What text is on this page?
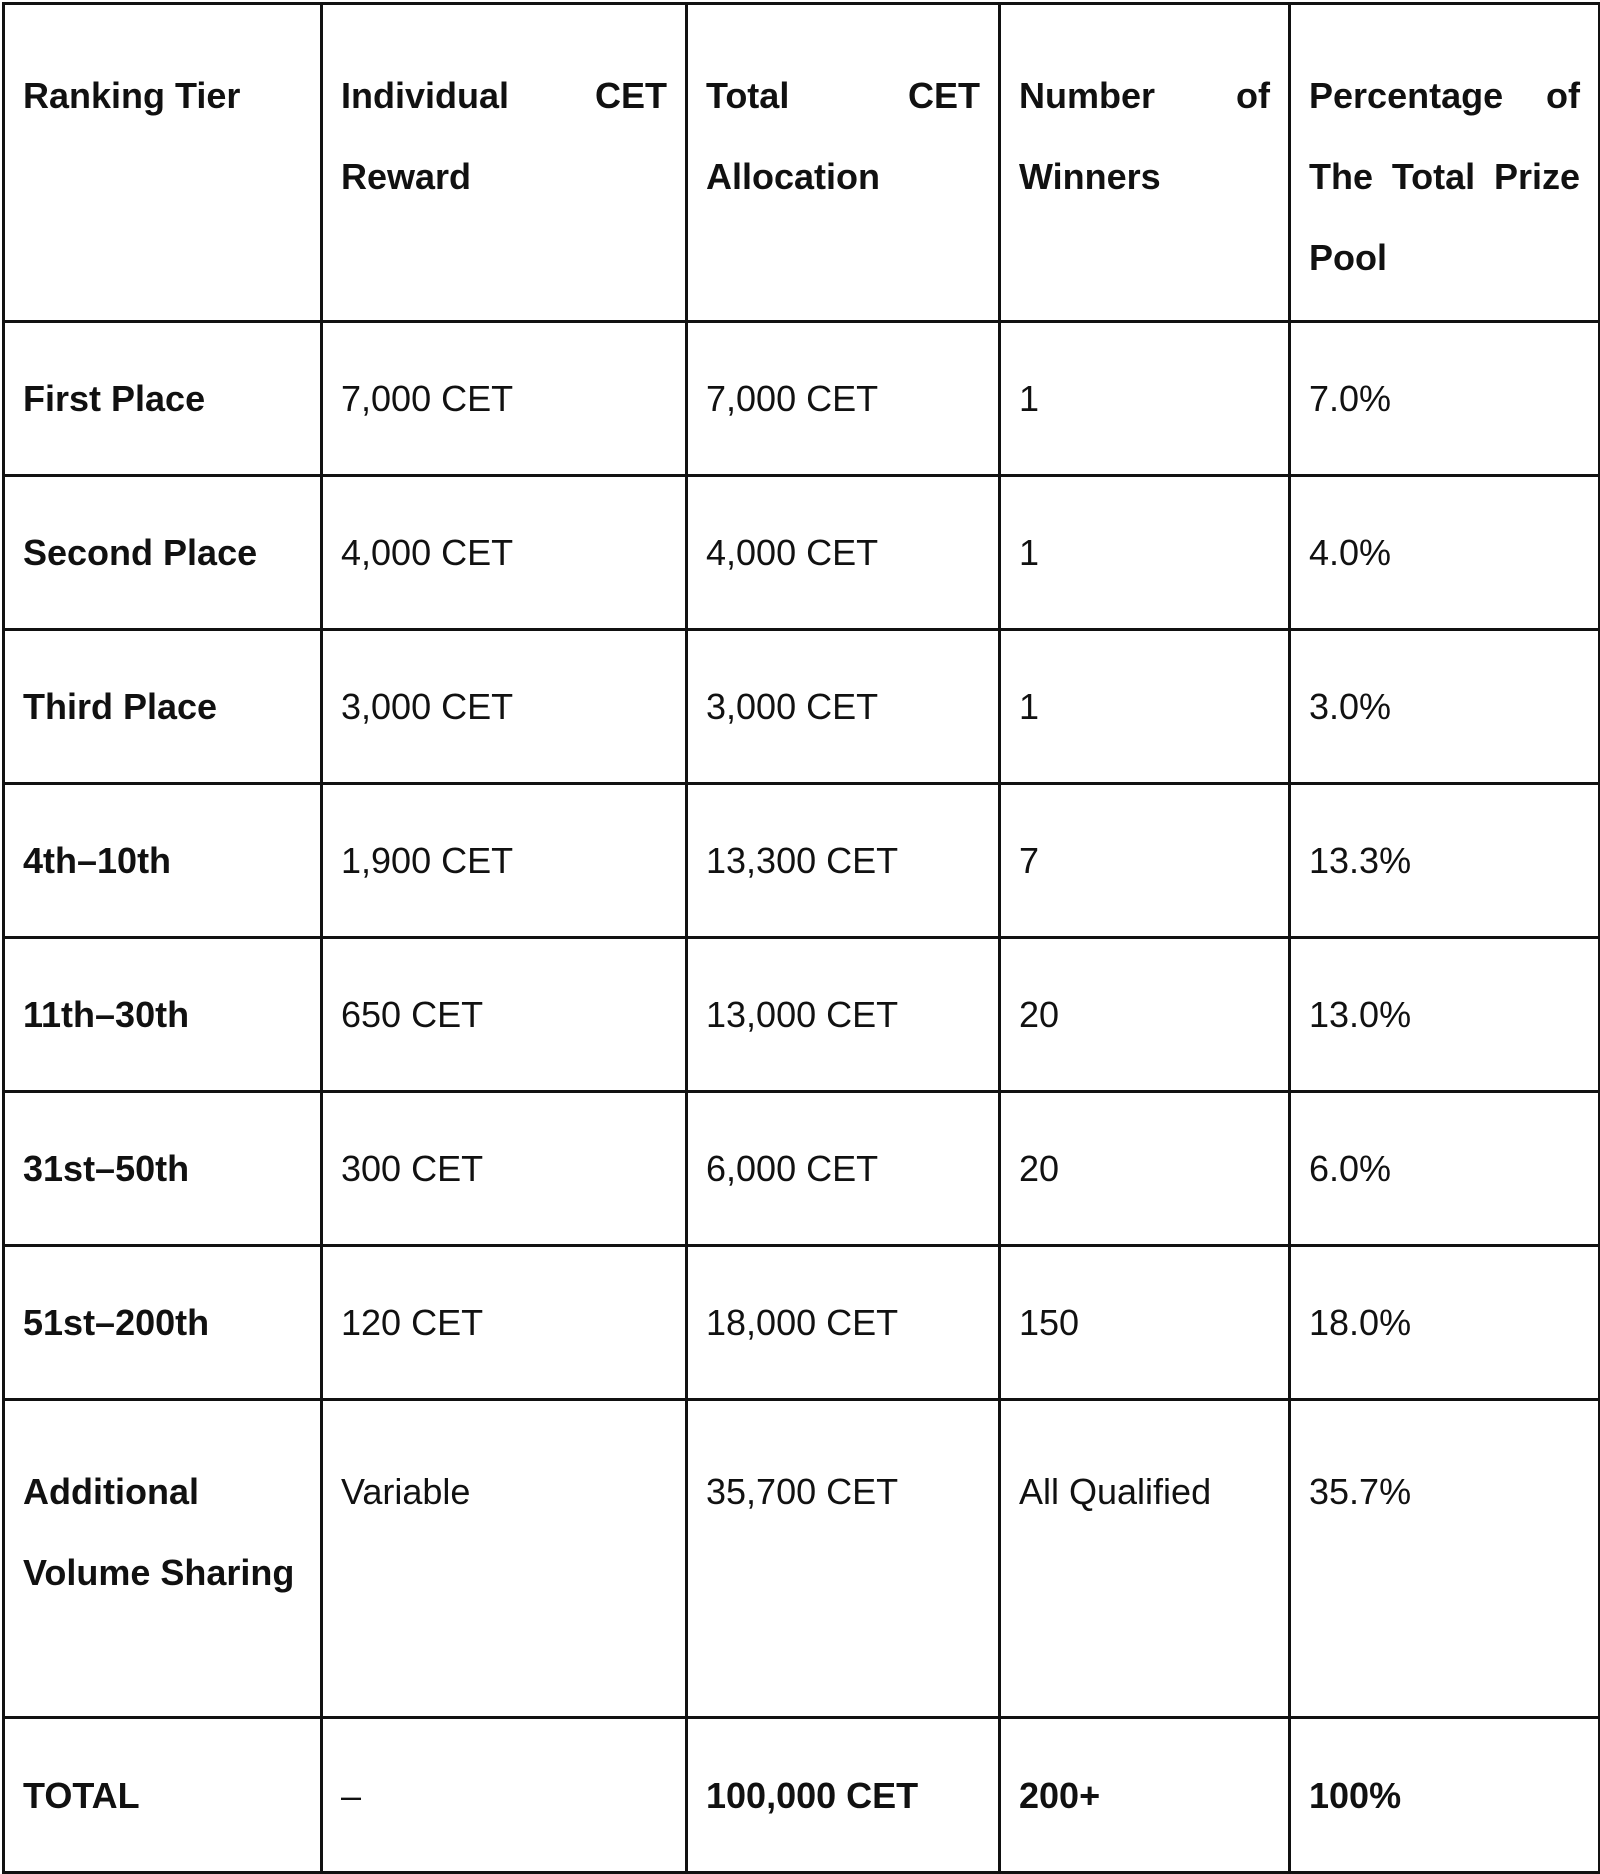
Ranking Tier	Individual CET Reward	Total CET Allocation	Number of Winners	Percentage of The Total Prize Pool
First Place	7,000 CET	7,000 CET	1	7.0%
Second Place	4,000 CET	4,000 CET	1	4.0%
Third Place	3,000 CET	3,000 CET	1	3.0%
4th–10th	1,900 CET	13,300 CET	7	13.3%
11th–30th	650 CET	13,000 CET	20	13.0%
31st–50th	300 CET	6,000 CET	20	6.0%
51st–200th	120 CET	18,000 CET	150	18.0%
Additional Volume Sharing	Variable	35,700 CET	All Qualified	35.7%
TOTAL	–	100,000 CET	200+	100%
